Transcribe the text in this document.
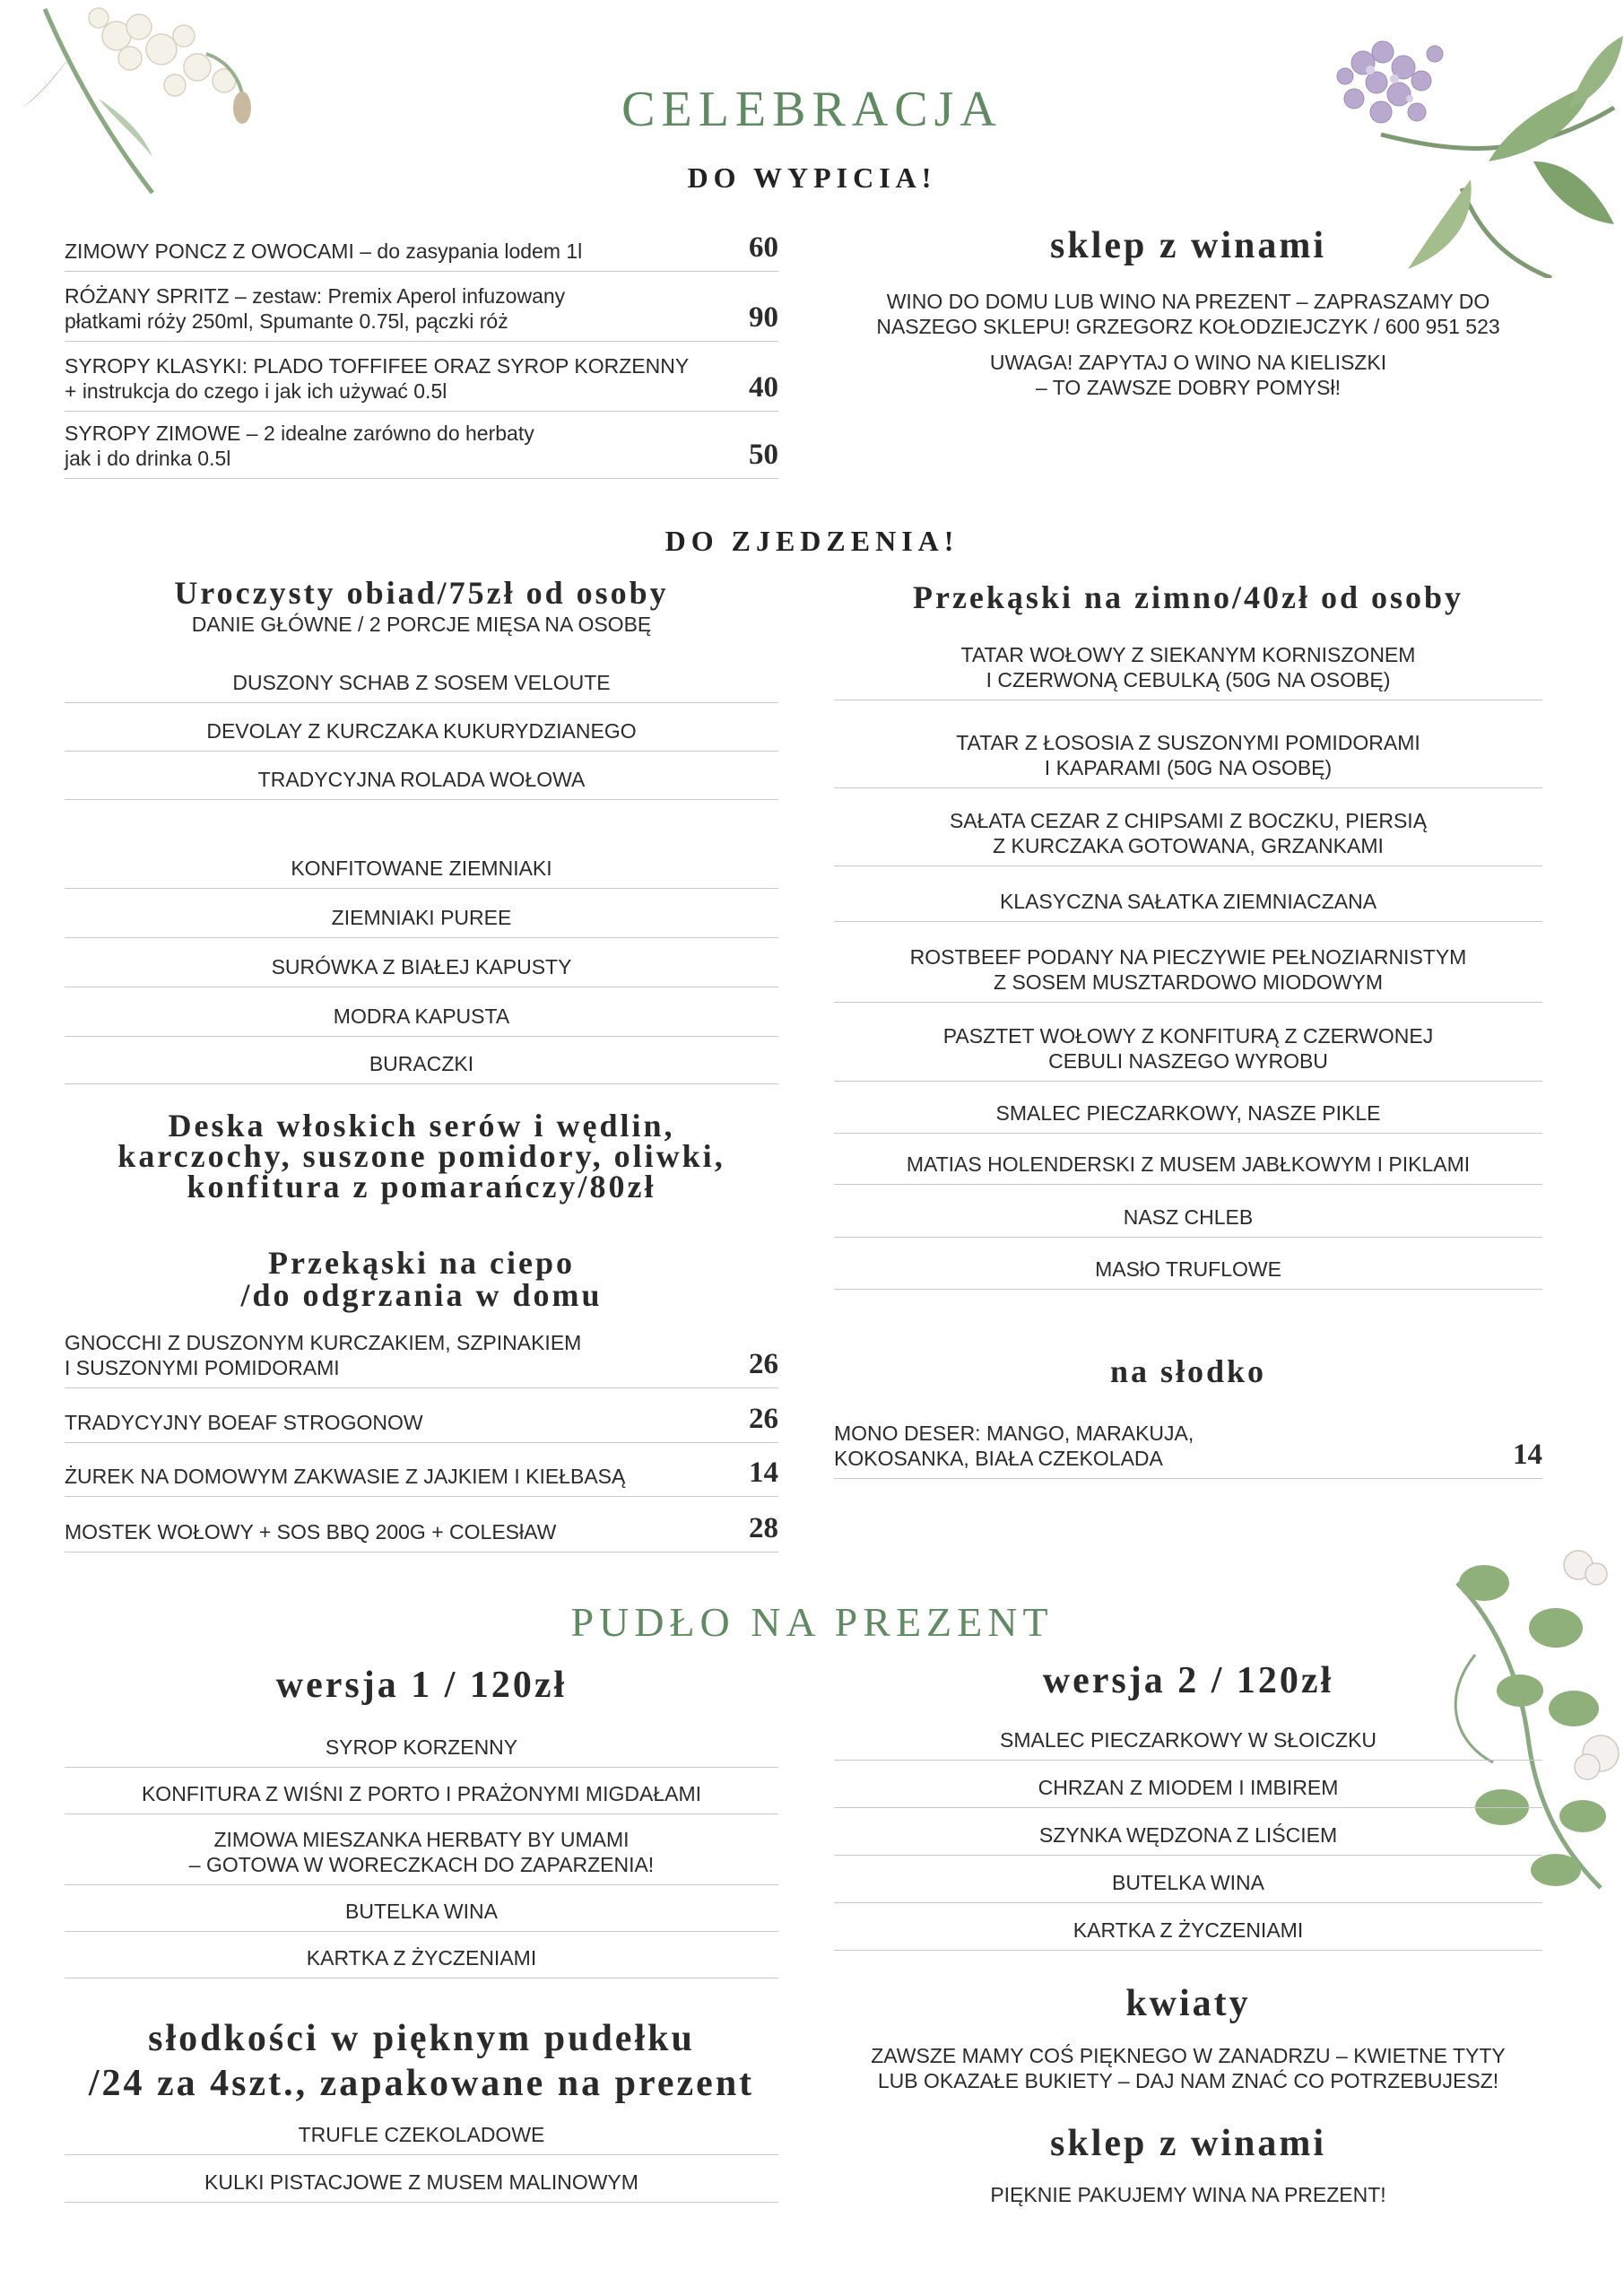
CELEBRACJA
DO WYPICIA!
ZIMOWY PONCZ Z OWOCAMI – do zasypania lodem 1l	60
RÓŻANY SPRITZ – zestaw: Premix Aperol infuzowany
płatkami róży 250ml, Spumante 0.75l, pączki róż	90
SYROPY KLASYKI: PLADO TOFFIFEE ORAZ SYROP KORZENNY
+ instrukcja do czego i jak ich używać 0.5l	40
SYROPY ZIMOWE – 2 idealne zarówno do herbaty
jak i do drinka 0.5l	50
sklep z winami
WINO DO DOMU LUB WINO NA PREZENT – ZAPRASZAMY DO
NASZEGO SKLEPU! GRZEGORZ KOŁODZIEJCZYK / 600 951 523
UWAGA! ZAPYTAJ O WINO NA KIELISZKI
– TO ZAWSZE DOBRY POMYSł!
DO ZJEDZENIA!
Uroczysty obiad/75zł od osoby
DANIE GŁÓWNE / 2 PORCJE MIĘSA NA OSOBĘ
DUSZONY SCHAB Z SOSEM VELOUTE
DEVOLAY Z KURCZAKA KUKURYDZIANEGO
TRADYCYJNA ROLADA WOŁOWA
KONFITOWANE ZIEMNIAKI
ZIEMNIAKI PUREE
SURÓWKA Z BIAŁEJ KAPUSTY
MODRA KAPUSTA
BURACZKI
Deska włoskich serów i wędlin,
karczochy, suszone pomidory, oliwki,
konfitura z pomarańczy/80zł
Przekąski na ciepo
/do odgrzania w domu
GNOCCHI Z DUSZONYM KURCZAKIEM, SZPINAKIEM
I SUSZONYMI POMIDORAMI	26
TRADYCYJNY BOEAF STROGONOW	26
ŻUREK NA DOMOWYM ZAKWASIE Z JAJKIEM I KIEŁBASĄ	14
MOSTEK WOŁOWY + SOS BBQ 200G + COLESłAW	28
Przekąski na zimno/40zł od osoby
TATAR WOŁOWY Z SIEKANYM KORNISZONEM
I CZERWONĄ CEBULKĄ (50G NA OSOBĘ)
TATAR Z ŁOSOSIA Z SUSZONYMI POMIDORAMI
I KAPARAMI (50G NA OSOBĘ)
SAŁATA CEZAR Z CHIPSAMI Z BOCZKU, PIERSIĄ
Z KURCZAKA GOTOWANA, GRZANKAMI
KLASYCZNA SAŁATKA ZIEMNIACZANA
ROSTBEEF PODANY NA PIECZYWIE PEŁNOZIARNISTYM
Z SOSEM MUSZTARDOWO MIODOWYM
PASZTET WOŁOWY Z KONFITURĄ Z CZERWONEJ
CEBULI NASZEGO WYROBU
SMALEC PIECZARKOWY, NASZE PIKLE
MATIAS HOLENDERSKI Z MUSEM JABŁKOWYM I PIKLAMI
NASZ CHLEB
MASłO TRUFLOWE
na słodko
MONO DESER: MANGO, MARAKUJA,
KOKOSANKA, BIAŁA CZEKOLADA	14
PUDŁO NA PREZENT
wersja 1 / 120zł
SYROP KORZENNY
KONFITURA Z WIŚNI Z PORTO I PRAŻONYMI MIGDAŁAMI
ZIMOWA MIESZANKA HERBATY BY UMAMI
– GOTOWA W WORECZKACH DO ZAPARZENIA!
BUTELKA WINA
KARTKA Z ŻYCZENIAMI
wersja 2 / 120zł
SMALEC PIECZARKOWY W SŁOICZKU
CHRZAN Z MIODEM I IMBIREM
SZYNKA WĘDZONA Z LIŚCIEM
BUTELKA WINA
KARTKA Z ŻYCZENIAMI
słodkości w pięknym pudełku
/24 za 4szt., zapakowane na prezent
TRUFLE CZEKOLADOWE
KULKI PISTACJOWE Z MUSEM MALINOWYM
kwiaty
ZAWSZE MAMY COŚ PIĘKNEGO W ZANADRZU – KWIETNE TYTY
LUB OKAZAŁE BUKIETY – DAJ NAM ZNAĆ CO POTRZEBUJESZ!
sklep z winami
PIĘKNIE PAKUJEMY WINA NA PREZENT!
